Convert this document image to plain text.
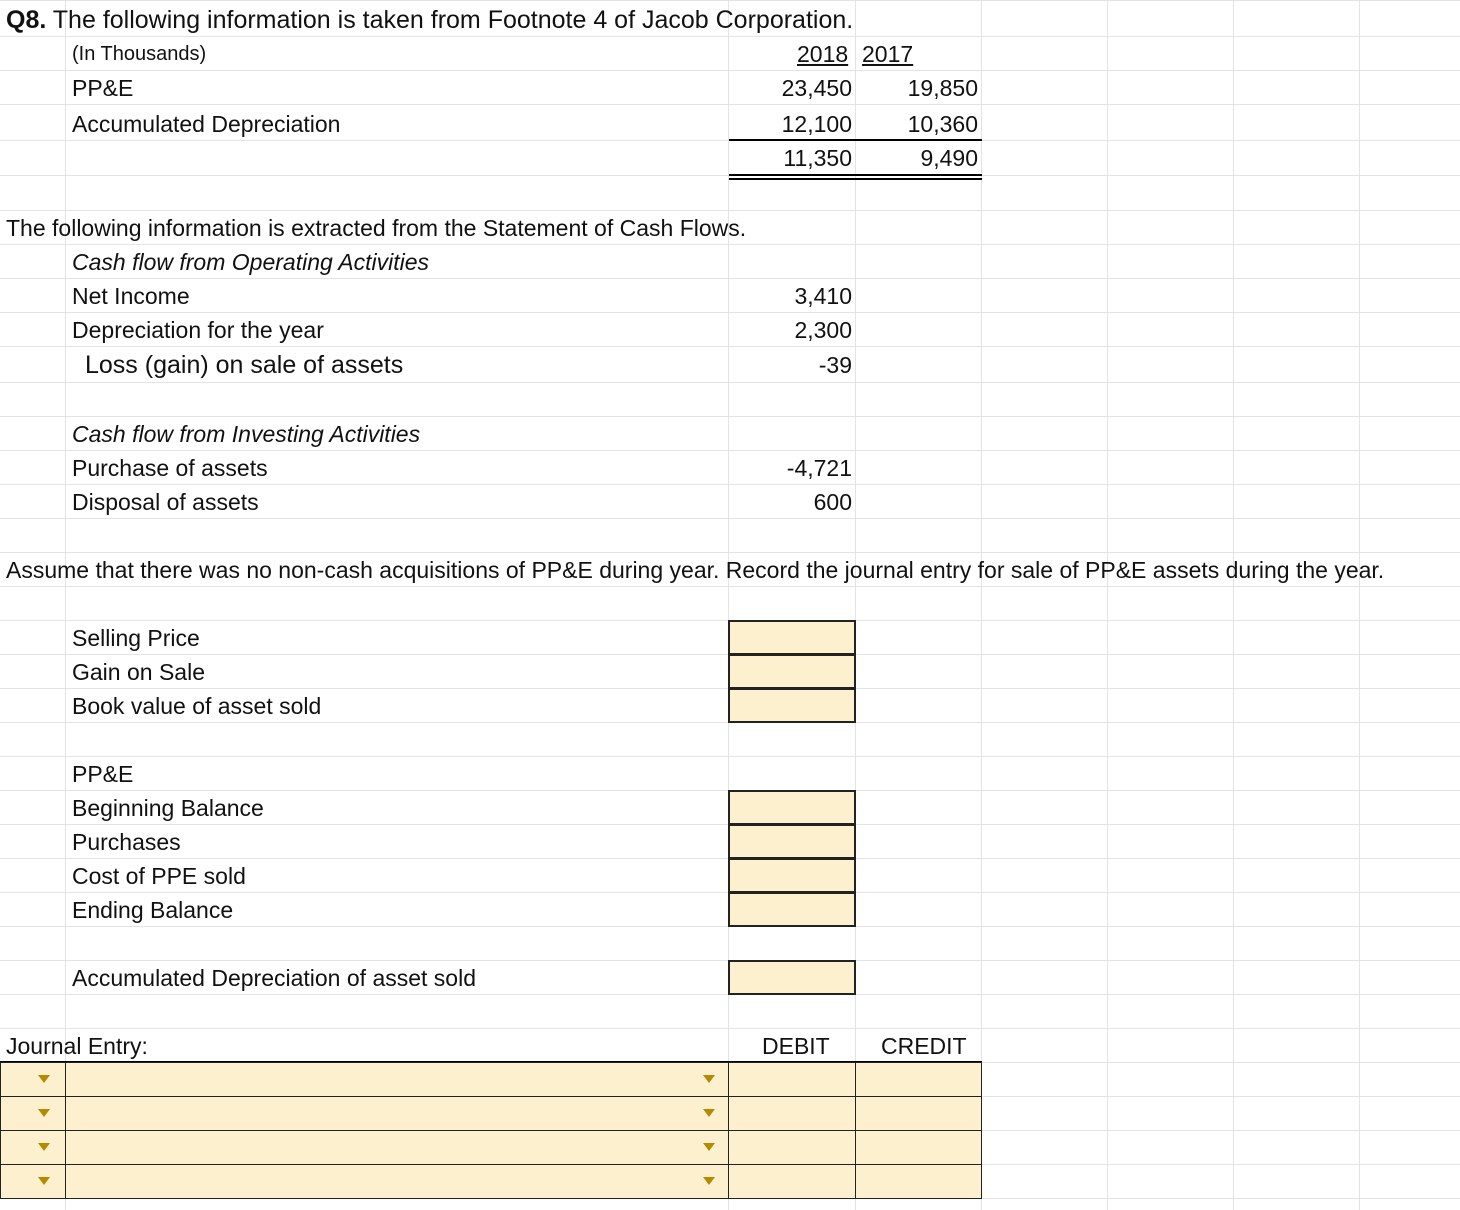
Q8. The following information is taken from Footnote 4 of Jacob Corporation.
(In Thousands)	2018 2017
PP&E	23,450	19,850
Accumulated Depreciation	12,100	10,360
11,350	9,490
The following information is extracted from the Statement of Cash Flows.
Cash flow from Operating Activities
Net Income	3,410
Depreciation for the year	2,300
Loss (gain) on sale of assets	-39
Cash flow from Investing Activities
Purchase of assets	-4,721
Disposal of assets	600
Assume that there was no non-cash acquisitions of PP&E during year. Record the journal entry for sale of PP&E assets during the year.
Selling Price
Gain on Sale
Book value of asset sold
PP&E
Beginning Balance
Purchases
Cost of PPE sold
Ending Balance
Accumulated Depreciation of asset sold
Journal Entry:	DEBIT CREDIT
